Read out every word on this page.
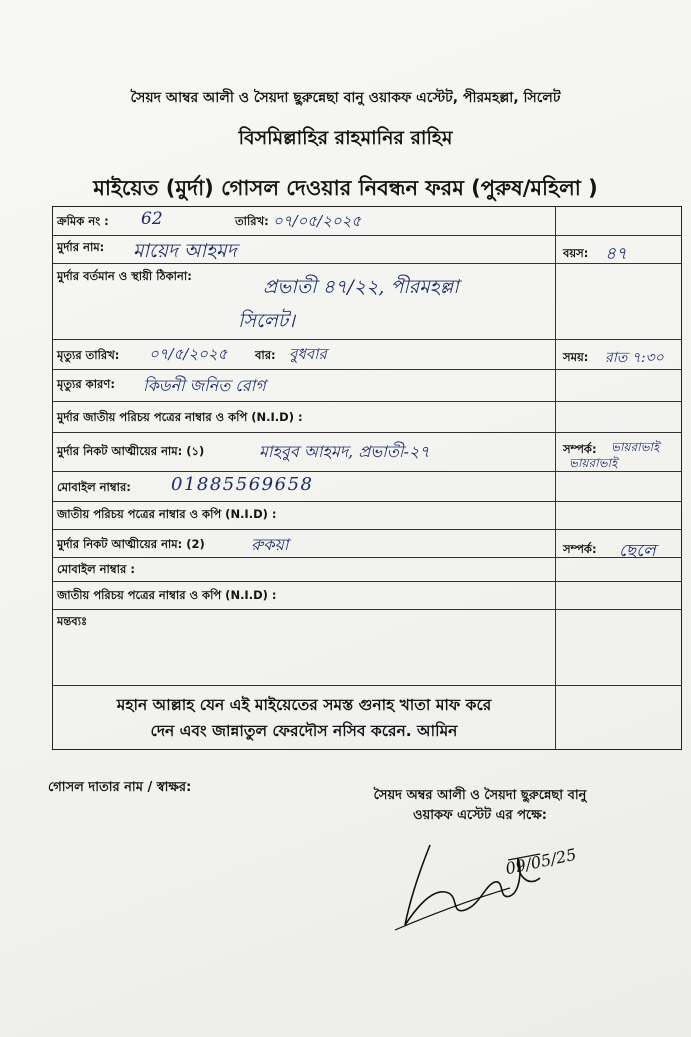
সৈয়দ আম্বর আলী ও সৈয়দা ছুরুন্নেছা বানু ওয়াকফ এস্টেট, পীরমহল্লা, সিলেট
বিসমিল্লাহির রাহমানির রাহিম
মাইয়েত (মুর্দা) গোসল দেওয়ার নিবন্ধন ফরম (পুরুষ/মহিলা )
ক্রমিক নং : 62	তারিখ: ০৭/০৫/২০২৫
মুর্দার নাম: মায়েদ আহমদ	বয়স: ৪৭
মুর্দার বর্তমান ও স্থায়ী ঠিকানা:	প্রভাতী ৪৭/২২, পীরমহল্লা
সিলেট।
মৃত্যুর তারিখ: ০৭/৫/২০২৫ বার: বুধবার	সময়: রাত ৭:৩০
মৃত্যুর কারণ: কিডনী জনিত রোগ
মুর্দার জাতীয় পরিচয় পত্রের নাম্বার ও কপি (N.I.D) :
মুর্দার নিকট আত্মীয়ের নাম: (১)	মাহবুব আহমদ, প্রভাতী-২৭	সম্পর্ক: ভায়রাভাই
ভায়রাভাই
মোবাইল নাম্বার: 01885569658
জাতীয় পরিচয় পত্রের নাম্বার ও কপি (N.I.D) :
মুর্দার নিকট আত্মীয়ের নাম: (2)	রুকয়া	সম্পর্ক: ছেলে
মোবাইল নাম্বার :
জাতীয় পরিচয় পত্রের নাম্বার ও কপি (N.I.D) :
মন্তব্যঃ
মহান আল্লাহ যেন এই মাইয়েতের সমস্ত গুনাহ খাতা মাফ করে
দেন এবং জান্নাতুল ফেরদৌস নসিব করেন. আমিন
গোসল দাতার নাম / স্বাক্ষর:
সৈয়দ অম্বর আলী ও সৈয়দা ছুরুন্নেছা বানু
ওয়াকফ এস্টেট এর পক্ষে:
09/05/25
